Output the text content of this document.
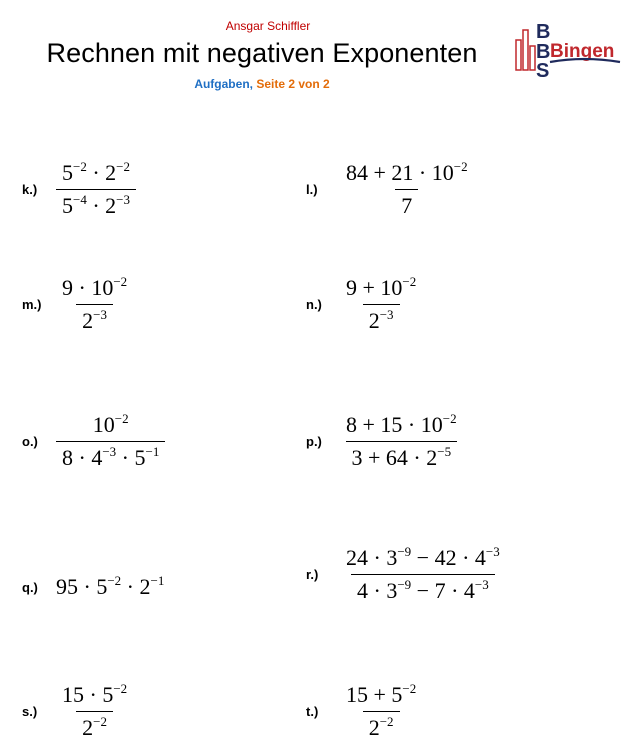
Ansgar Schiffler
Rechnen mit negativen Exponenten
Aufgaben, Seite 2 von 2
B
B
S
Bingen
$k.) \frac{5^{-2} \cdot 2^{-2}}{5^{-4} \cdot 2^{-3}}$	l.)	$\frac{84 + 21 \cdot 10^{-2}}{7}$
$m.) \frac{9 \cdot 10^{-2}}{2^{-3}}$	$n.) \frac{9 + 10^{-2}}{2^{-3}}$
$o.) \frac{10^{-2}}{8 \cdot 4^{-3} \cdot 5^{-1}}$	$p.) \frac{8 + 15 \cdot 10^{-2}}{3 + 64 \cdot 2^{-5}}$
q.) $95 \cdot 5^{-2} \cdot 2^{-1}$	$r.) \frac{24 \cdot 3^{-9} - 42 \cdot 4^{-3}}{4 \cdot 3^{-9} - 7 \cdot 4^{-3}}$
$s.) \frac{15 \cdot 5^{-2}}{2^{-2}}$	$t.) \frac{15 + 5^{-2}}{2^{-2}}$
